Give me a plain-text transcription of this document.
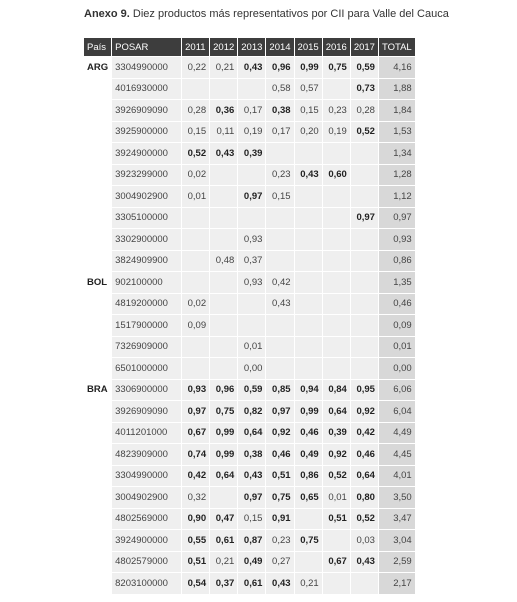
Anexo 9. Diez productos más representativos por CII para Valle del Cauca
País	POSAR	2011	2012	2013	2014	2015	2016	2017	TOTAL
ARG	3304990000	0,22	0,21	0,43	0,96	0,99	0,75	0,59	4,16
	4016930000				0,58	0,57		0,73	1,88
	3926909090	0,28	0,36	0,17	0,38	0,15	0,23	0,28	1,84
	3925900000	0,15	0,11	0,19	0,17	0,20	0,19	0,52	1,53
	3924900000	0,52	0,43	0,39					1,34
	3923299000	0,02			0,23	0,43	0,60		1,28
	3004902900	0,01		0,97	0,15				1,12
	3305100000							0,97	0,97
	3302900000			0,93					0,93
	3824909900		0,48	0,37					0,86
BOL	902100000			0,93	0,42				1,35
	4819200000	0,02			0,43				0,46
	1517900000	0,09							0,09
	7326909000			0,01					0,01
	6501000000			0,00					0,00
BRA	3306900000	0,93	0,96	0,59	0,85	0,94	0,84	0,95	6,06
	3926909090	0,97	0,75	0,82	0,97	0,99	0,64	0,92	6,04
	4011201000	0,67	0,99	0,64	0,92	0,46	0,39	0,42	4,49
	4823909000	0,74	0,99	0,38	0,46	0,49	0,92	0,46	4,45
	3304990000	0,42	0,64	0,43	0,51	0,86	0,52	0,64	4,01
	3004902900	0,32		0,97	0,75	0,65	0,01	0,80	3,50
	4802569000	0,90	0,47	0,15	0,91		0,51	0,52	3,47
	3924900000	0,55	0,61	0,87	0,23	0,75		0,03	3,04
	4802579000	0,51	0,21	0,49	0,27		0,67	0,43	2,59
	8203100000	0,54	0,37	0,61	0,43	0,21			2,17
